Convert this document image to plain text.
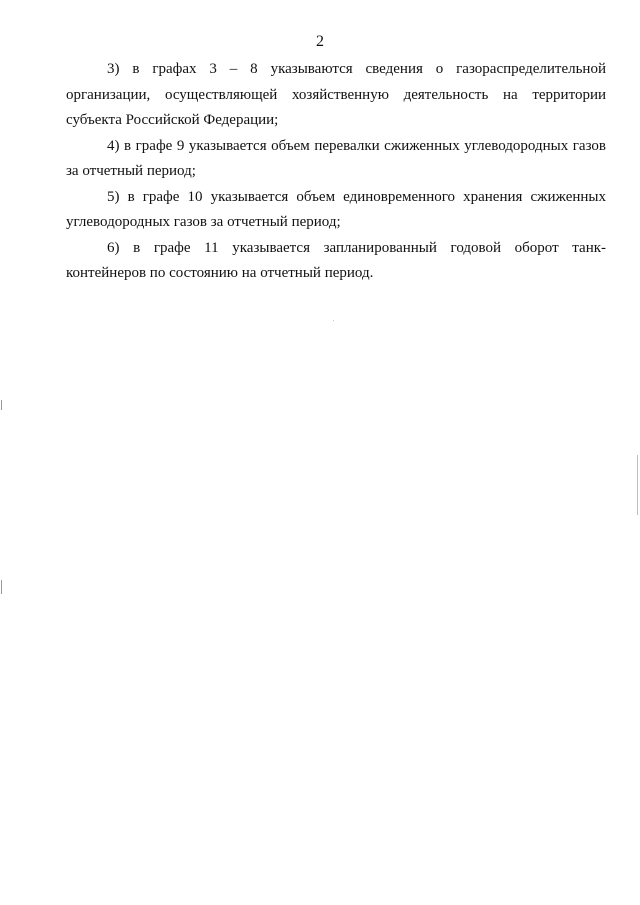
2

3) в графах 3 – 8 указываются сведения о газораспределительной
организации, осуществляющей хозяйственную деятельность на территории
субъекта Российской Федерации;

4) в графе 9 указывается объем перевалки сжиженных углеводородных газов
за отчетный период;

5) в графе 10 указывается объем единовременного хранения сжиженных
углеводородных газов за отчетный период;

6) в графе 11 указывается запланированный годовой оборот танк-
контейнеров по состоянию на отчетный период.
